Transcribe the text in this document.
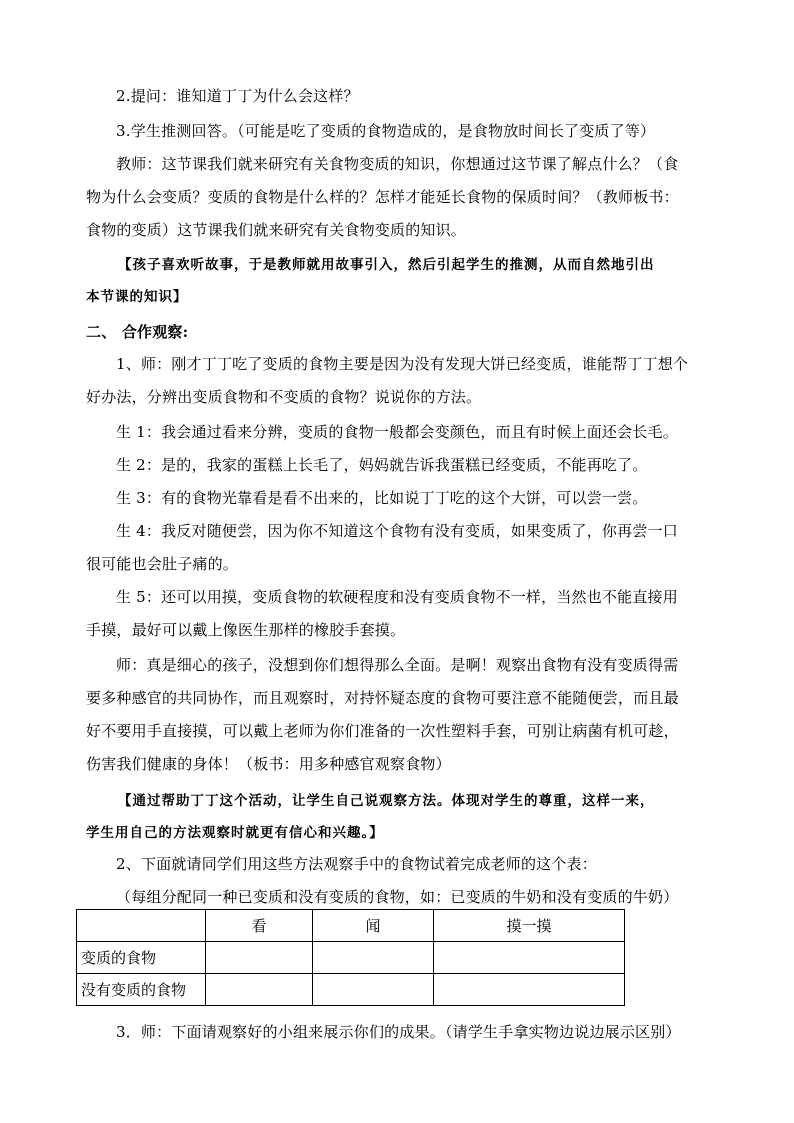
2.提问：谁知道丁丁为什么会这样？
3.学生推测回答。（可能是吃了变质的食物造成的，是食物放时间长了变质了等）
教师：这节课我们就来研究有关食物变质的知识，你想通过这节课了解点什么？（食
物为什么会变质？变质的食物是什么样的？怎样才能延长食物的保质时间？（教师板书：
食物的变质）这节课我们就来研究有关食物变质的知识。
【孩子喜欢听故事，于是教师就用故事引入，然后引起学生的推测，从而自然地引出
本节课的知识】
二、 合作观察:
1、师：刚才丁丁吃了变质的食物主要是因为没有发现大饼已经变质，谁能帮丁丁想个
好办法，分辨出变质食物和不变质的食物？说说你的方法。
生 1：我会通过看来分辨，变质的食物一般都会变颜色，而且有时候上面还会长毛。
生 2：是的，我家的蛋糕上长毛了，妈妈就告诉我蛋糕已经变质，不能再吃了。
生 3：有的食物光靠看是看不出来的，比如说丁丁吃的这个大饼，可以尝一尝。
生 4：我反对随便尝，因为你不知道这个食物有没有变质，如果变质了，你再尝一口
很可能也会肚子痛的。
生 5：还可以用摸，变质食物的软硬程度和没有变质食物不一样，当然也不能直接用
手摸，最好可以戴上像医生那样的橡胶手套摸。
师：真是细心的孩子，没想到你们想得那么全面。是啊！观察出食物有没有变质得需
要多种感官的共同协作，而且观察时，对持怀疑态度的食物可要注意不能随便尝，而且最
好不要用手直接摸，可以戴上老师为你们准备的一次性塑料手套，可别让病菌有机可趁，
伤害我们健康的身体！（板书：用多种感官观察食物）
【通过帮助丁丁这个活动，让学生自己说观察方法。体现对学生的尊重，这样一来，
学生用自己的方法观察时就更有信心和兴趣。】
2、下面就请同学们用这些方法观察手中的食物试着完成老师的这个表：
（每组分配同一种已变质和没有变质的食物，如：已变质的牛奶和没有变质的牛奶）
	看	闻	摸一摸
变质的食物			
没有变质的食物			
3．师：下面请观察好的小组来展示你们的成果。（请学生手拿实物边说边展示区别）
